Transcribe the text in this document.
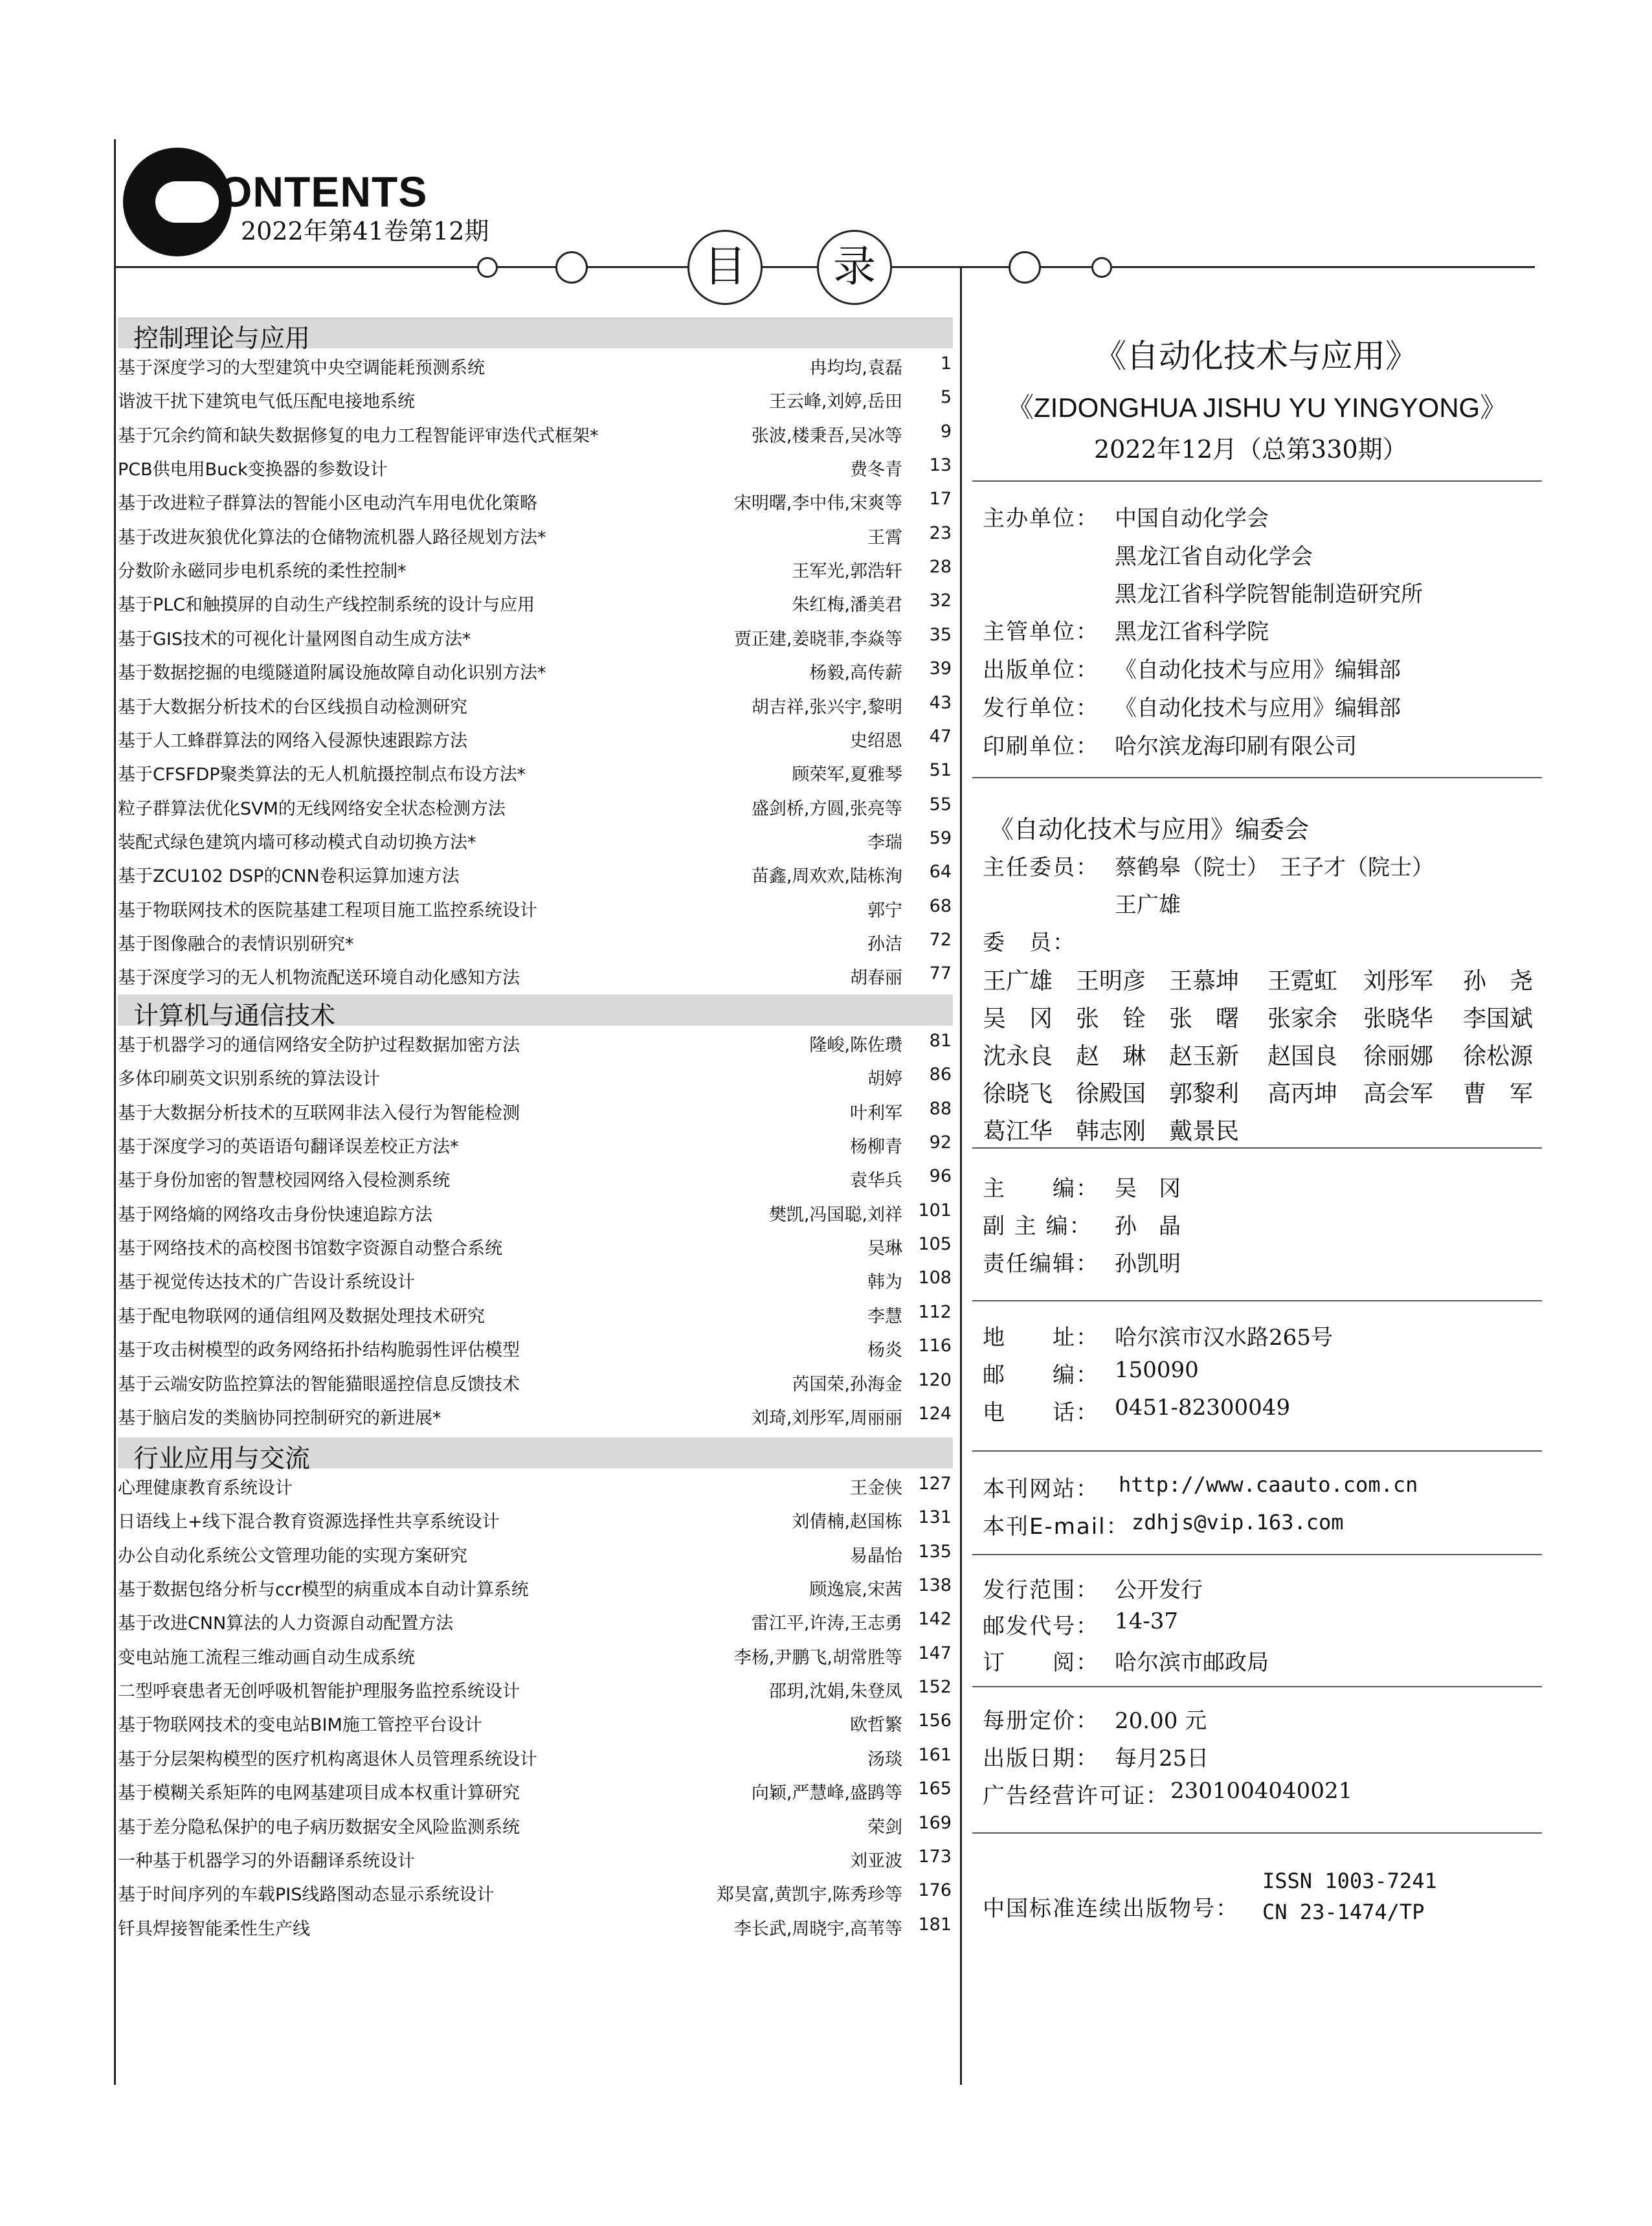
ONTENTS
2022年第41卷第12期
目	录
控制理论与应用
基于深度学习的大型建筑中央空调能耗预测系统	冉均均,袁磊	1
谐波干扰下建筑电气低压配电接地系统	王云峰,刘婷,岳田	5
基于冗余约简和缺失数据修复的电力工程智能评审迭代式框架*	张波,楼秉吾,吴冰等	9
PCB供电用Buck变换器的参数设计	费冬青	13
基于改进粒子群算法的智能小区电动汽车用电优化策略	宋明曙,李中伟,宋爽等	17
基于改进灰狼优化算法的仓储物流机器人路径规划方法*	王霄	23
分数阶永磁同步电机系统的柔性控制*	王军光,郭浩轩	28
基于PLC和触摸屏的自动生产线控制系统的设计与应用	朱红梅,潘美君	32
基于GIS技术的可视化计量网图自动生成方法*	贾正建,姜晓菲,李焱等	35
基于数据挖掘的电缆隧道附属设施故障自动化识别方法*	杨毅,高传薪	39
基于大数据分析技术的台区线损自动检测研究	胡吉祥,张兴宇,黎明	43
基于人工蜂群算法的网络入侵源快速跟踪方法	史绍恩	47
基于CFSFDP聚类算法的无人机航摄控制点布设方法*	顾荣军,夏雅琴	51
粒子群算法优化SVM的无线网络安全状态检测方法	盛剑桥,方圆,张亮等	55
装配式绿色建筑内墙可移动模式自动切换方法*	李瑞	59
基于ZCU102 DSP的CNN卷积运算加速方法	苗鑫,周欢欢,陆栋洵	64
基于物联网技术的医院基建工程项目施工监控系统设计	郭宁	68
基于图像融合的表情识别研究*	孙洁	72
基于深度学习的无人机物流配送环境自动化感知方法	胡春丽	77
计算机与通信技术
基于机器学习的通信网络安全防护过程数据加密方法	隆峻,陈佐瓒	81
多体印刷英文识别系统的算法设计	胡婷	86
基于大数据分析技术的互联网非法入侵行为智能检测	叶利军	88
基于深度学习的英语语句翻译误差校正方法*	杨柳青	92
基于身份加密的智慧校园网络入侵检测系统	袁华兵	96
基于网络熵的网络攻击身份快速追踪方法	樊凯,冯国聪,刘祥 101
基于网络技术的高校图书馆数字资源自动整合系统	吴琳 105
基于视觉传达技术的广告设计系统设计	韩为 108
基于配电物联网的通信组网及数据处理技术研究	李慧 112
基于攻击树模型的政务网络拓扑结构脆弱性评估模型	杨炎 116
基于云端安防监控算法的智能猫眼遥控信息反馈技术	芮国荣,孙海金 120
基于脑启发的类脑协同控制研究的新进展*	刘琦,刘彤军,周丽丽 124
行业应用与交流
心理健康教育系统设计	王金侠 127
日语线上+线下混合教育资源选择性共享系统设计	刘倩楠,赵国栋 131
办公自动化系统公文管理功能的实现方案研究	易晶怡 135
基于数据包络分析与ccr模型的病重成本自动计算系统	顾逸宸,宋茜 138
基于改进CNN算法的人力资源自动配置方法	雷江平,许涛,王志勇 142
变电站施工流程三维动画自动生成系统	李杨,尹鹏飞,胡常胜等 147
二型呼衰患者无创呼吸机智能护理服务监控系统设计	邵玥,沈娟,朱登凤 152
基于物联网技术的变电站BIM施工管控平台设计	欧哲繁 156
基于分层架构模型的医疗机构离退休人员管理系统设计	汤琰 161
基于模糊关系矩阵的电网基建项目成本权重计算研究	向颖,严慧峰,盛鹍等 165
基于差分隐私保护的电子病历数据安全风险监测系统	荣剑 169
一种基于机器学习的外语翻译系统设计	刘亚波 173
基于时间序列的车载PIS线路图动态显示系统设计	郑昊富,黄凯宇,陈秀珍等 176
钎具焊接智能柔性生产线	李长武,周晓宇,高苇等 181
《自动化技术与应用》
《ZIDONGHUA JISHU YU YINGYONG》
2022年12月（总第330期）
主办单位： 中国自动化学会
黑龙江省自动化学会
黑龙江省科学院智能制造研究所
主管单位： 黑龙江省科学院
出版单位： 《自动化技术与应用》编辑部
发行单位： 《自动化技术与应用》编辑部
印刷单位： 哈尔滨龙海印刷有限公司
《自动化技术与应用》编委会
主任委员： 蔡鹤皋（院士）　王子才（院士）
王广雄
委　员：
王广雄 王明彦 王慕坤 王霓虹 刘彤军 孙　尧
吴　冈 张　铨 张　曙 张家余 张晓华 李国斌
沈永良 赵　琳 赵玉新 赵国良 徐丽娜 徐松源
徐晓飞 徐殿国 郭黎利 高丙坤 高会军 曹　军
葛江华 韩志刚 戴景民
主　　编： 吴　冈
副 主 编： 孙　晶
责任编辑： 孙凯明
地　　址： 哈尔滨市汉水路265号
邮　　编： 150090
电　　话： 0451-82300049
本刊网站： http://www.caauto.com.cn
本刊E-mail： zdhjs@vip.163.com
发行范围： 公开发行
邮发代号： 14-37
订　　阅： 哈尔滨市邮政局
每册定价： 20.00 元
出版日期： 每月25日
广告经营许可证： 2301004040021
中国标准连续出版物号：
ISSN 1003-7241
CN 23-1474/TP
